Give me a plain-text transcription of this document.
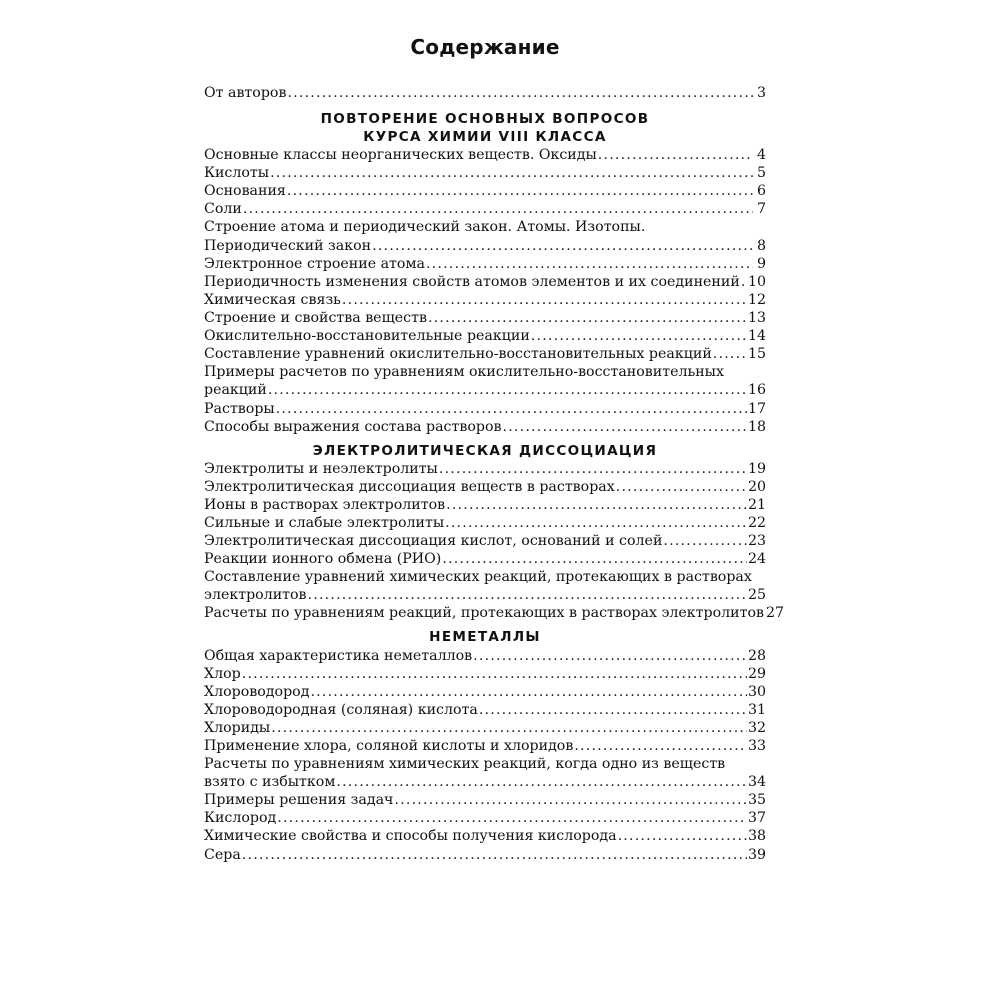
Содержание
От авторов .....	3
ПОВТОРЕНИЕ ОСНОВНЫХ ВОПРОСОВ
КУРСА ХИМИИ VIII КЛАССА
Основные классы неорганических веществ. Оксиды .....	4
Кислоты .....	5
Основания .....	6
Соли .....	7
Строение атома и периодический закон. Атомы. Изотопы.
Периодический закон .....	8
Электронное строение атома .....	9
Периодичность изменения свойств атомов элементов и их соединений ..... 10
Химическая связь .....	12
Строение и свойства веществ .....	13
Окислительно-восстановительные реакции .....	14
Составление уравнений окислительно-восстановительных реакций .....	15
Примеры расчетов по уравнениям окислительно-восстановительных
реакций .....	16
Растворы .....	17
Способы выражения состава растворов .....	18
ЭЛЕКТРОЛИТИЧЕСКАЯ ДИССОЦИАЦИЯ
Электролиты и неэлектролиты .....	19
Электролитическая диссоциация веществ в растворах .....	20
Ионы в растворах электролитов .....	21
Сильные и слабые электролиты .....	22
Электролитическая диссоциация кислот, оснований и солей .....	23
Реакции ионного обмена (РИО) .....	24
Составление уравнений химических реакций, протекающих в растворах
электролитов .....	25
Расчеты по уравнениям реакций, протекающих в растворах электролитов 27
НЕМЕТАЛЛЫ
Общая характеристика неметаллов .....	28
Хлор .....	29
Хлороводород .....	30
Хлороводородная (соляная) кислота .....	31
Хлориды .....	32
Применение хлора, соляной кислоты и хлоридов .....	33
Расчеты по уравнениям химических реакций, когда одно из веществ
взято с избытком .....	34
Примеры решения задач .....	35
Кислород .....	37
Химические свойства и способы получения кислорода .....	38
Сера .....	39
